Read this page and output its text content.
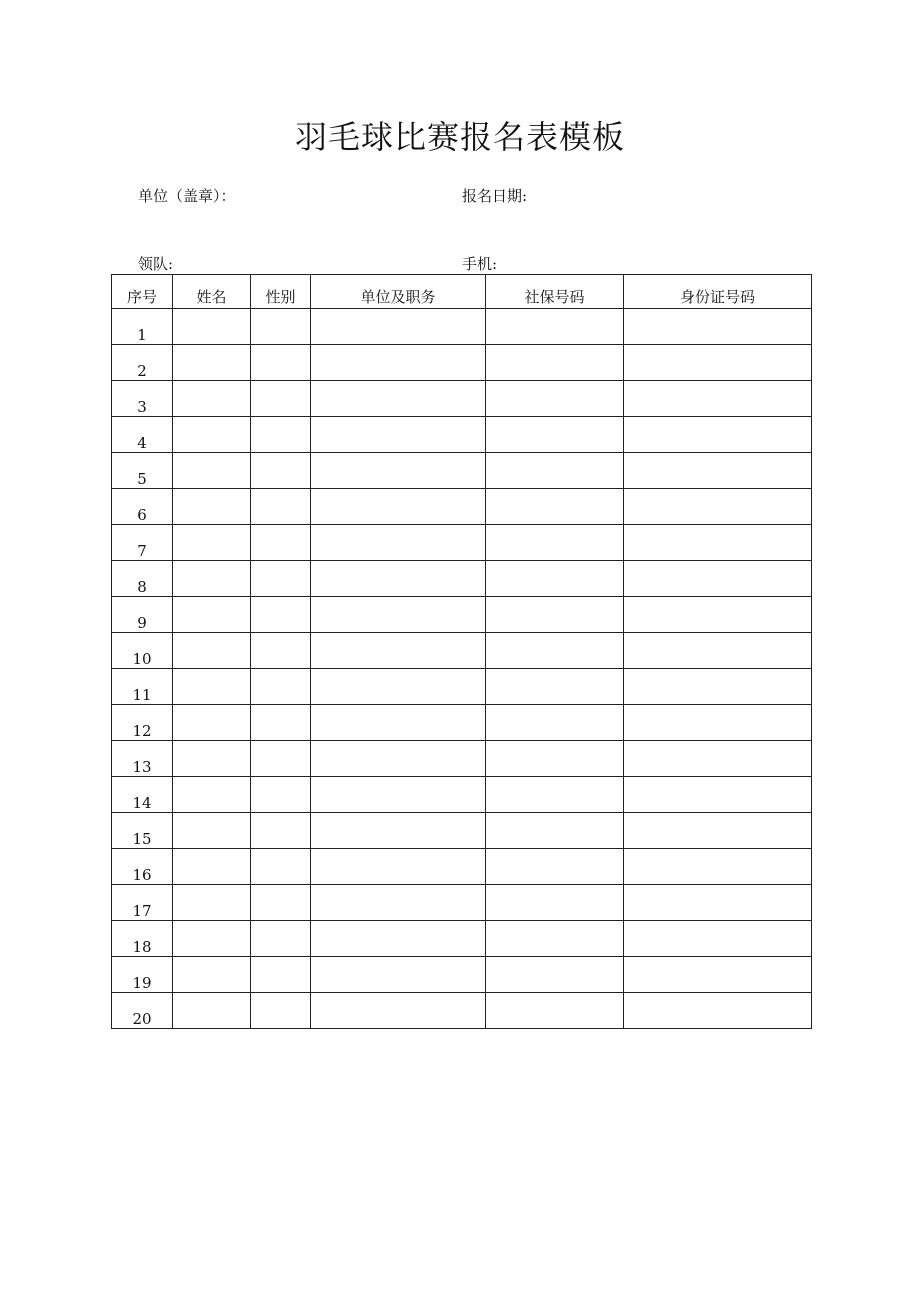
羽毛球比赛报名表模板
单位（盖章）：	报名日期:
领队:	手机:
序号	姓名	性别	单位及职务	社保号码	身份证号码
1					
2					
3					
4					
5					
6					
7					
8					
9					
10					
11					
12					
13					
14					
15					
16					
17					
18					
19					
20					
